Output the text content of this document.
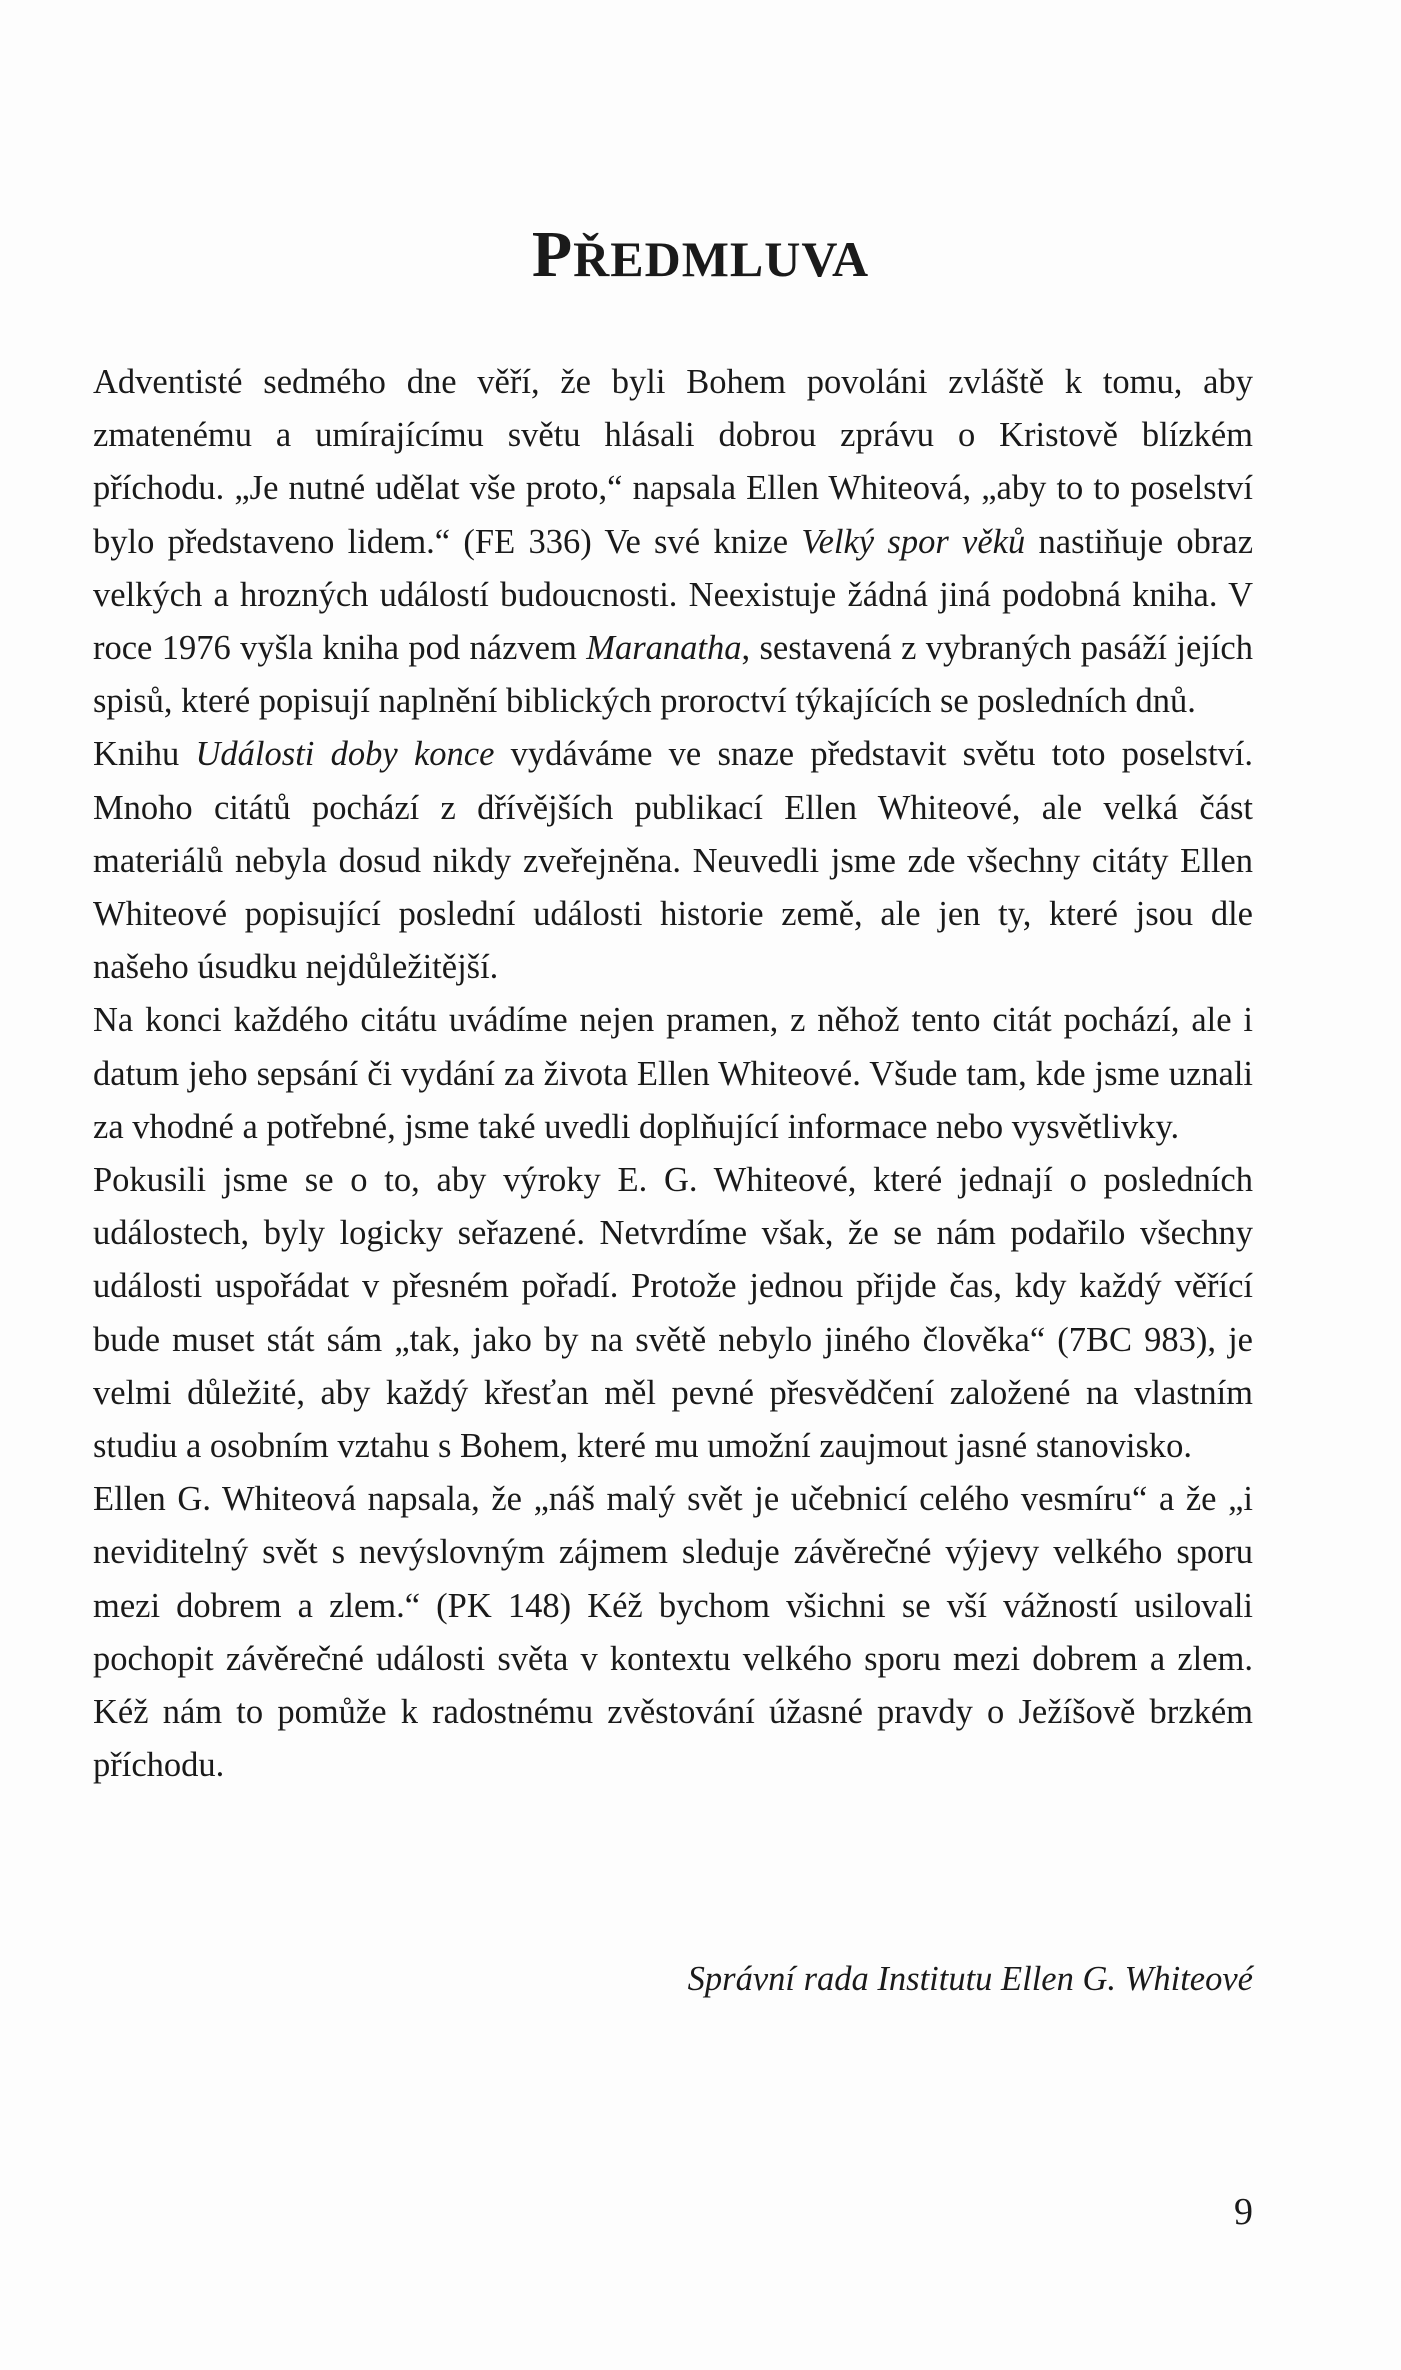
PŘEDMLUVA

Adventisté sedmého dne věří, že byli Bohem povoláni zvláště k tomu, aby zmatenému a umírajícímu světu hlásali dobrou zprávu o Kristově blízkém příchodu. „Je nutné udělat vše proto,“ napsala Ellen Whiteová, „aby to to poselství bylo představeno lidem.“ (FE 336) Ve své knize Velký spor věků nastiňuje obraz velkých a hrozných událostí budoucnosti. Neexistuje žádná jiná podobná kniha. V roce 1976 vyšla kniha pod názvem Maranatha, sestavená z vybraných pasáží jejích spisů, které popisují naplnění biblických proroctví týkajících se posledních dnů.

Knihu Události doby konce vydáváme ve snaze představit světu toto poselství. Mnoho citátů pochází z dřívějších publikací Ellen Whiteové, ale velká část materiálů nebyla dosud nikdy zveřejněna. Neuvedli jsme zde všechny citáty Ellen Whiteové popisující poslední události historie země, ale jen ty, které jsou dle našeho úsudku nejdůležitější.

Na konci každého citátu uvádíme nejen pramen, z něhož tento citát pochází, ale i datum jeho sepsání či vydání za života Ellen Whiteové. Všude tam, kde jsme uznali za vhodné a potřebné, jsme také uvedli doplňující informace nebo vysvětlivky.

Pokusili jsme se o to, aby výroky E. G. Whiteové, které jednají o posledních událostech, byly logicky seřazené. Netvrdíme však, že se nám podařilo všechny události uspořádat v přesném pořadí. Protože jednou přijde čas, kdy každý věřící bude muset stát sám „tak, jako by na světě nebylo jiného člověka“ (7BC 983), je velmi důležité, aby každý křesťan měl pevné přesvědčení založené na vlastním studiu a osobním vztahu s Bohem, které mu umožní zaujmout jasné stanovisko.

Ellen G. Whiteová napsala, že „náš malý svět je učebnicí celého vesmíru“ a že „i neviditelný svět s nevýslovným zájmem sleduje závěrečné výjevy velkého sporu mezi dobrem a zlem.“ (PK 148) Kéž bychom všichni se vší vážností usilovali pochopit závěrečné události světa v kontextu velkého sporu mezi dobrem a zlem. Kéž nám to pomůže k radostnému zvěstování úžasné pravdy o Ježíšově brzkém příchodu.

Správní rada Institutu Ellen G. Whiteové
9
